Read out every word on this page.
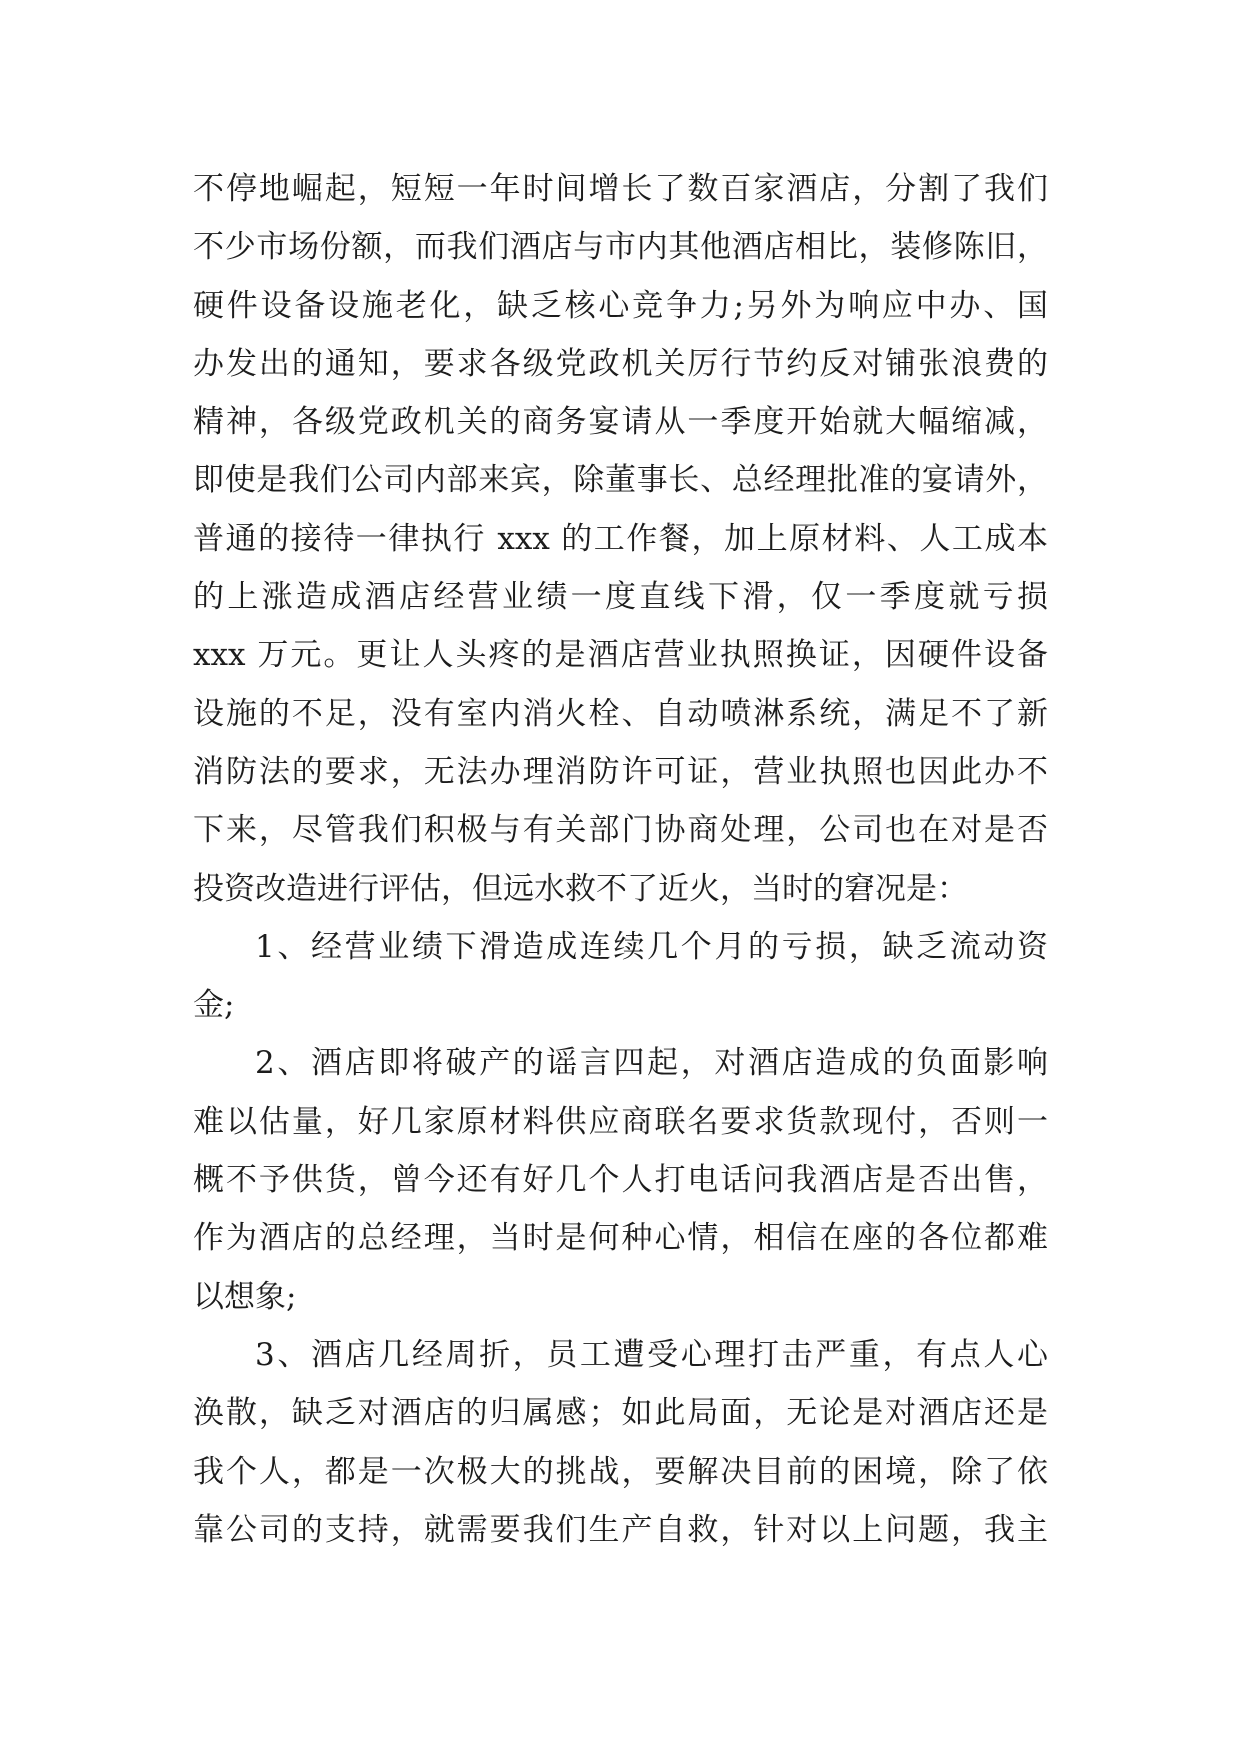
不停地崛起，短短一年时间增长了数百家酒店，分割了我们
不少市场份额，而我们酒店与市内其他酒店相比，装修陈旧，
硬件设备设施老化，缺乏核心竞争力;另外为响应中办、国
办发出的通知，要求各级党政机关厉行节约反对铺张浪费的
精神，各级党政机关的商务宴请从一季度开始就大幅缩减，
即使是我们公司内部来宾，除董事长、总经理批准的宴请外，
普通的接待一律执行 xxx 的工作餐，加上原材料、人工成本
的上涨造成酒店经营业绩一度直线下滑，仅一季度就亏损
xxx 万元。更让人头疼的是酒店营业执照换证，因硬件设备
设施的不足，没有室内消火栓、自动喷淋系统，满足不了新
消防法的要求，无法办理消防许可证，营业执照也因此办不
下来，尽管我们积极与有关部门协商处理，公司也在对是否
投资改造进行评估，但远水救不了近火，当时的窘况是：
1、经营业绩下滑造成连续几个月的亏损，缺乏流动资
金;
2、酒店即将破产的谣言四起，对酒店造成的负面影响
难以估量，好几家原材料供应商联名要求货款现付，否则一
概不予供货，曾今还有好几个人打电话问我酒店是否出售，
作为酒店的总经理，当时是何种心情，相信在座的各位都难
以想象;
3、酒店几经周折，员工遭受心理打击严重，有点人心
涣散，缺乏对酒店的归属感；如此局面，无论是对酒店还是
我个人，都是一次极大的挑战，要解决目前的困境，除了依
靠公司的支持，就需要我们生产自救，针对以上问题，我主
